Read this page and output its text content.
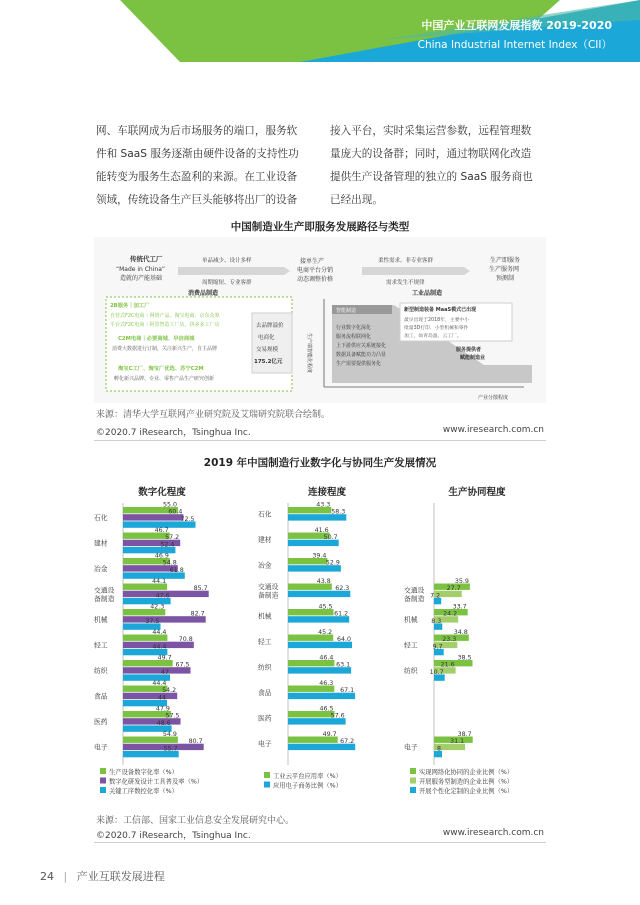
中国产业互联网发展指数 2019-2020
China Industrial Internet Index（CII）

网、车联网成为后市场服务的端口，服务软

件和 SaaS 服务逐渐由硬件设备的支持性功

能转变为服务生态盈利的来源。在工业设备

领域，传统设备生产巨头能够将出厂的设备

接入平台，实时采集运营参数，远程管理数

量庞大的设备群；同时，通过物联网化改造

提供生产设备管理的独立的 SaaS 服务商也

已经出现。

中国制造业生产即服务发展路径与类型
传统代工厂
“Made in China”
造就的产能基础
单品减少、设计多样
周期缩短、专业客群
接单生产
电商平台分销
动态调整价格
柔性需求、非专业客群
需求发生不规律
生产即服务
生产服务网
预测制
消费品制造	工业品制造
2B服务｜加工厂
自营式F2C电商｜网络产品、淘宝电商、京东众筹
平台式F2C电商｜阿里智造工厂店、拼多多工厂店
C2M电商｜必要商城、早信商城
消费大数据进行订制，关注新兴生产，自主品牌
淘宝C工厂、淘宝厂优选、苏宁C2M
孵化新兴品牌、专业、零售产品生产研究创新
去品牌溢价
电商化
交易规模
175.2亿元	生产端智能化程度
产业分散程度
智能制造	新型制造装备 MaaS模式已出现
最早出现于2018年，主要中小
批量3D打印、小型机械和零件
加工，如青岛盈、云工厂。
行业数字化深化
服务流程联网化
上下游供应关系链接化
数据具备赋能功力凸显
生产需要提供服务化
服务提供者
赋能制造业
来源：清华大学互联网产业研究院及艾瑞研究院联合绘制。
©2020.7 iResearch，Tsinghua Inc.	www.iresearch.com.cn
2019 年中国制造行业数字化与协同生产发展情况
数字化程度
石化
55.0
60.4
72.5
建材
46.7
57.2
52.4
冶金
46.9
54.8
61.8
交通设
备制造
44.1
85.7
47.6
机械
42.3
82.7
37.5
轻工
44.4
70.8
44.4
纺织
49.7
67.5
47
食品
44.4
54.2
44
医药
47.9
57.5
48.6
电子
54.9
80.7
55.7
生产设备数字化率（%）
数字化研发设计工具普及率（%）
关键工序数控化率（%）
连接程度
石化
43.3
58.3
建材
41.6
50.7
冶金
39.4
52.9
交通设
备制造
43.8
62.3
机械
45.5
61.2
轻工
45.2
64.0
纺织
46.4
63.1
食品
46.3
67.1
医药
46.5
57.6
电子
49.7
67.2
工业云平台应用率（%）
应用电子商务比例（%）
生产协同程度
交通设
备制造
35.9
27.7
7.2
机械
33.7
24.2
8.3
轻工
34.8
23.3
9.7
纺织
38.5
21.6
10.7
电子
38.7
31.1
8
实现网络化协同的企业比例（%）
开展服务型制造的企业比例（%）
开展个性化定制的企业比例（%）
来源：工信部、国家工业信息安全发展研究中心。
©2020.7 iResearch，Tsinghua Inc.	www.iresearch.com.cn
24 | 产业互联发展进程
